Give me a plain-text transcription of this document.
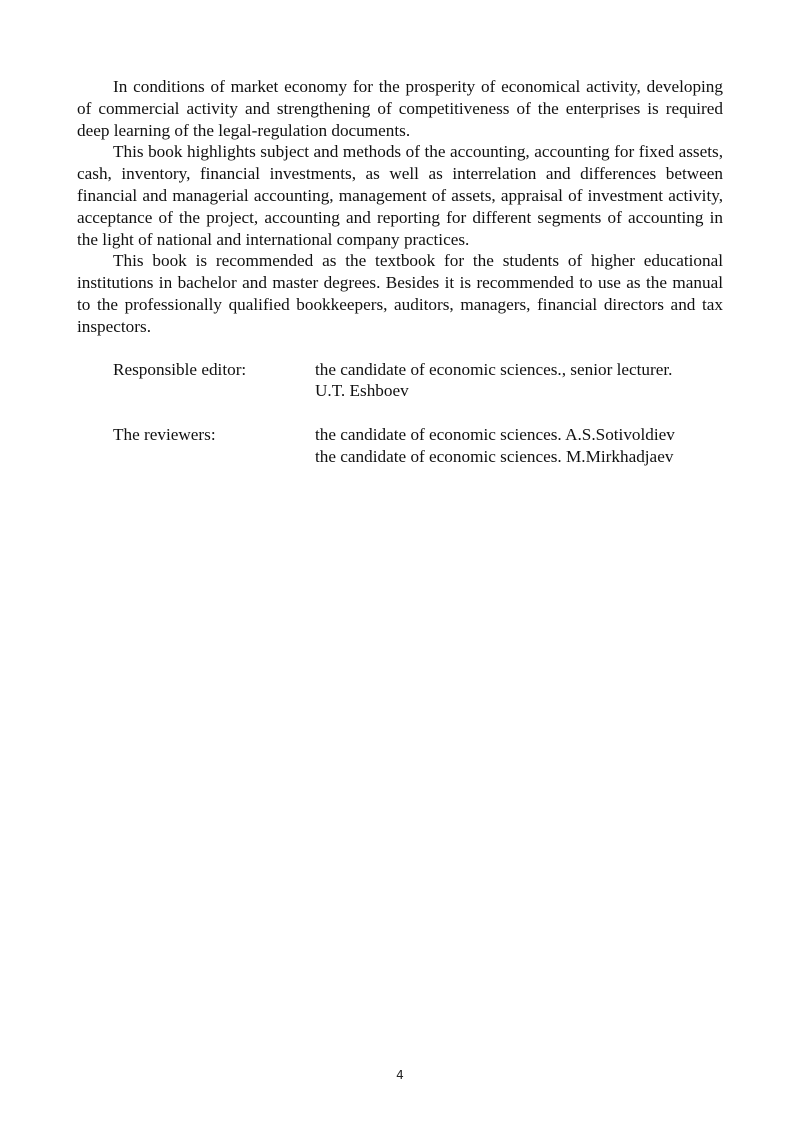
In conditions of market economy for the prosperity of economical activity, developing of commercial activity and strengthening of competitiveness of the enterprises is required deep learning of the legal-regulation documents.

This book highlights subject and methods of the accounting, accounting for fixed assets, cash, inventory, financial investments, as well as interrelation and differences between financial and managerial accounting, management of assets, appraisal of investment activity, acceptance of the project, accounting and reporting for different segments of accounting in the light of national and international company practices.

This book is recommended as the textbook for the students of higher educational institutions in bachelor and master degrees. Besides it is recommended to use as the manual to the professionally qualified bookkeepers, auditors, managers, financial directors and tax inspectors.

Responsible editor:	the candidate of economic sciences., senior lecturer.
U.T. Eshboev
The reviewers:	the candidate of economic sciences. A.S.Sotivoldiev
the candidate of economic sciences. M.Mirkhadjaev
4
